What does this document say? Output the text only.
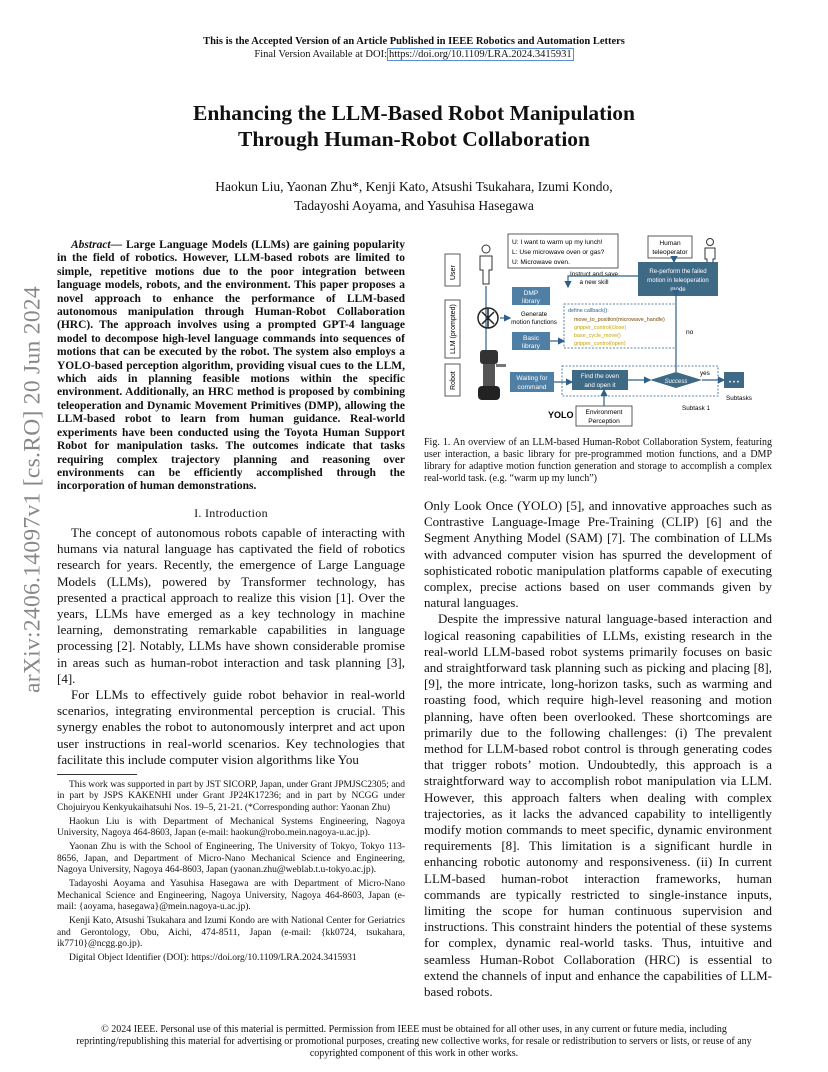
This is the Accepted Version of an Article Published in IEEE Robotics and Automation Letters
Final Version Available at DOI: https://doi.org/10.1109/LRA.2024.3415931
Enhancing the LLM-Based Robot Manipulation
Through Human-Robot Collaboration
Haokun Liu, Yaonan Zhu*, Kenji Kato, Atsushi Tsukahara, Izumi Kondo,
Tadayoshi Aoyama, and Yasuhisa Hasegawa
arXiv:2406.14097v1 [cs.RO] 20 Jun 2024

Abstract— Large Language Models (LLMs) are gaining popularity in the field of robotics. However, LLM-based robots are limited to simple, repetitive motions due to the poor integration between language models, robots, and the environment. This paper proposes a novel approach to enhance the performance of LLM-based autonomous manipulation through Human-Robot Collaboration (HRC). The approach involves using a prompted GPT-4 language model to decompose high-level language commands into sequences of motions that can be executed by the robot. The system also employs a YOLO-based perception algorithm, providing visual cues to the LLM, which aids in planning feasible motions within the specific environment. Additionally, an HRC method is proposed by combining teleoperation and Dynamic Movement Primitives (DMP), allowing the LLM-based robot to learn from human guidance. Real-world experiments have been conducted using the Toyota Human Support Robot for manipulation tasks. The outcomes indicate that tasks requiring complex trajectory planning and reasoning over environments can be efficiently accomplished through the incorporation of human demonstrations.

I. Introduction

The concept of autonomous robots capable of interacting with humans via natural language has captivated the field of robotics research for years. Recently, the emergence of Large Language Models (LLMs), powered by Transformer technology, has presented a practical approach to realize this vision [1]. Over the years, LLMs have emerged as a key technology in machine learning, demonstrating remarkable capabilities in language processing [2]. Notably, LLMs have shown considerable promise in areas such as human-robot interaction and task planning [3], [4].

For LLMs to effectively guide robot behavior in real-world scenarios, integrating environmental perception is crucial. This synergy enables the robot to autonomously interpret and act upon user instructions in real-world scenarios. Key technologies that facilitate this include computer vision algorithms like You

This work was supported in part by JST SICORP, Japan, under Grant JPMJSC2305; and in part by JSPS KAKENHI under Grant JP24K17236; and in part by NCGG under Chojuiryou Kenkyukaihatsuhi Nos. 19–5, 21-21. (*Corresponding author: Yaonan Zhu)

Haokun Liu is with Department of Mechanical Systems Engineering, Nagoya University, Nagoya 464-8603, Japan (e-mail: haokun@robo.mein.nagoya-u.ac.jp).

Yaonan Zhu is with the School of Engineering, The University of Tokyo, Tokyo 113-8656, Japan, and Department of Micro-Nano Mechanical Science and Engineering, Nagoya University, Nagoya 464-8603, Japan (yaonan.zhu@weblab.t.u-tokyo.ac.jp).

Tadayoshi Aoyama and Yasuhisa Hasegawa are with Department of Micro-Nano Mechanical Science and Engineering, Nagoya University, Nagoya 464-8603, Japan (e-mail: {aoyama, hasegawa}@mein.nagoya-u.ac.jp).

Kenji Kato, Atsushi Tsukahara and Izumi Kondo are with National Center for Geriatrics and Gerontology, Obu, Aichi, 474-8511, Japan (e-mail: {kk0724, tsukahara, ik7710}@ncgg.go.jp).

Digital Object Identifier (DOI): https://doi.org/10.1109/LRA.2024.3415931

User
LLM (prompted)
Robot
U: I want to warm up my lunch!
L: Use microwave oven or gas?
U: Microwave oven.
Human
teleoperator
Instruct and save
a new skill
DMP
library
Re-perform the failed
motion in teleoperation
mode
Generate
motion functions
define callback():
move_to_position(microwave_handle)
gripper_control(close)
base_cycle_move()
gripper_control(open)
no
Basic
library
Waiting for
command
Find the oven
and open it	Success
yes
• • •
Subtasks
Subtask 1
YOLO Environment
Perception
Fig. 1. An overview of an LLM-based Human-Robot Collaboration System, featuring user interaction, a basic library for pre-programmed motion functions, and a DMP library for adaptive motion function generation and storage to accomplish a complex real-world task. (e.g. “warm up my lunch”)

Only Look Once (YOLO) [5], and innovative approaches such as Contrastive Language-Image Pre-Training (CLIP) [6] and the Segment Anything Model (SAM) [7]. The combination of LLMs with advanced computer vision has spurred the development of sophisticated robotic manipulation platforms capable of executing complex, precise actions based on user commands given by natural languages.

Despite the impressive natural language-based interaction and logical reasoning capabilities of LLMs, existing research in the real-world LLM-based robot systems primarily focuses on basic and straightforward task planning such as picking and placing [8], [9], the more intricate, long-horizon tasks, such as warming and roasting food, which require high-level reasoning and motion planning, have often been overlooked. These shortcomings are primarily due to the following challenges: (i) The prevalent method for LLM-based robot control is through generating codes that trigger robots’ motion. Undoubtedly, this approach is a straightforward way to accomplish robot manipulation via LLM. However, this approach falters when dealing with complex trajectories, as it lacks the advanced capability to intelligently modify motion commands to meet specific, dynamic environment requirements [8]. This limitation is a significant hurdle in enhancing robotic autonomy and responsiveness. (ii) In current LLM-based human-robot interaction frameworks, human commands are typically restricted to single-instance inputs, limiting the scope for human continuous supervision and instructions. This constraint hinders the potential of these systems for complex, dynamic real-world tasks. Thus, intuitive and seamless Human-Robot Collaboration (HRC) is essential to extend the channels of input and enhance the capabilities of LLM-based robots.

© 2024 IEEE. Personal use of this material is permitted. Permission from IEEE must be obtained for all other uses, in any current or future media, including reprinting/republishing this material for advertising or promotional purposes, creating new collective works, for resale or redistribution to servers or lists, or reuse of any copyrighted component of this work in other works.
